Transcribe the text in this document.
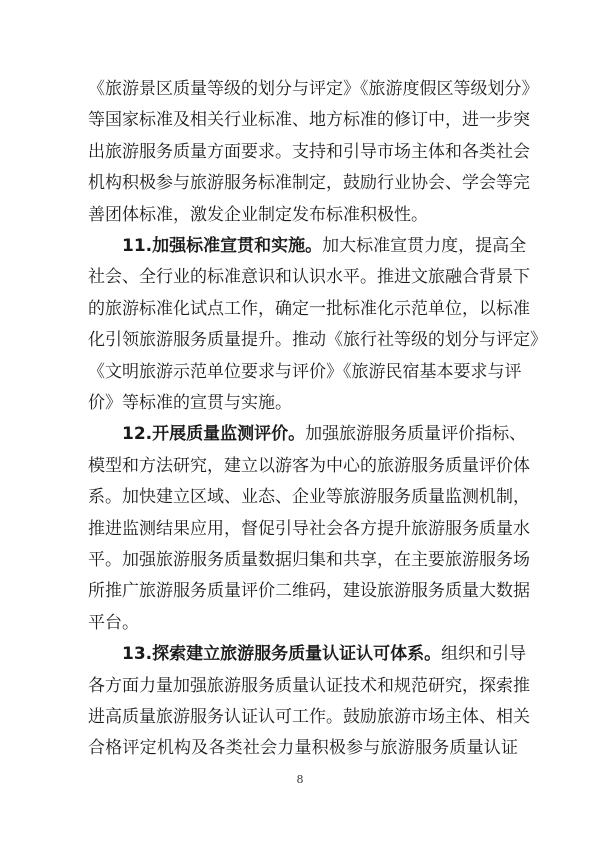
《旅游景区质量等级的划分与评定》《旅游度假区等级划分》
等国家标准及相关行业标准、地方标准的修订中，进一步突
出旅游服务质量方面要求。支持和引导市场主体和各类社会
机构积极参与旅游服务标准制定，鼓励行业协会、学会等完
善团体标准，激发企业制定发布标准积极性。
11.加强标准宣贯和实施。加大标准宣贯力度，提高全
社会、全行业的标准意识和认识水平。推进文旅融合背景下
的旅游标准化试点工作，确定一批标准化示范单位，以标准
化引领旅游服务质量提升。推动《旅行社等级的划分与评定》
《文明旅游示范单位要求与评价》《旅游民宿基本要求与评
价》等标准的宣贯与实施。
12.开展质量监测评价。加强旅游服务质量评价指标、
模型和方法研究，建立以游客为中心的旅游服务质量评价体
系。加快建立区域、业态、企业等旅游服务质量监测机制，
推进监测结果应用，督促引导社会各方提升旅游服务质量水
平。加强旅游服务质量数据归集和共享，在主要旅游服务场
所推广旅游服务质量评价二维码，建设旅游服务质量大数据
平台。
13.探索建立旅游服务质量认证认可体系。组织和引导
各方面力量加强旅游服务质量认证技术和规范研究，探索推
进高质量旅游服务认证认可工作。鼓励旅游市场主体、相关
合格评定机构及各类社会力量积极参与旅游服务质量认证
8
